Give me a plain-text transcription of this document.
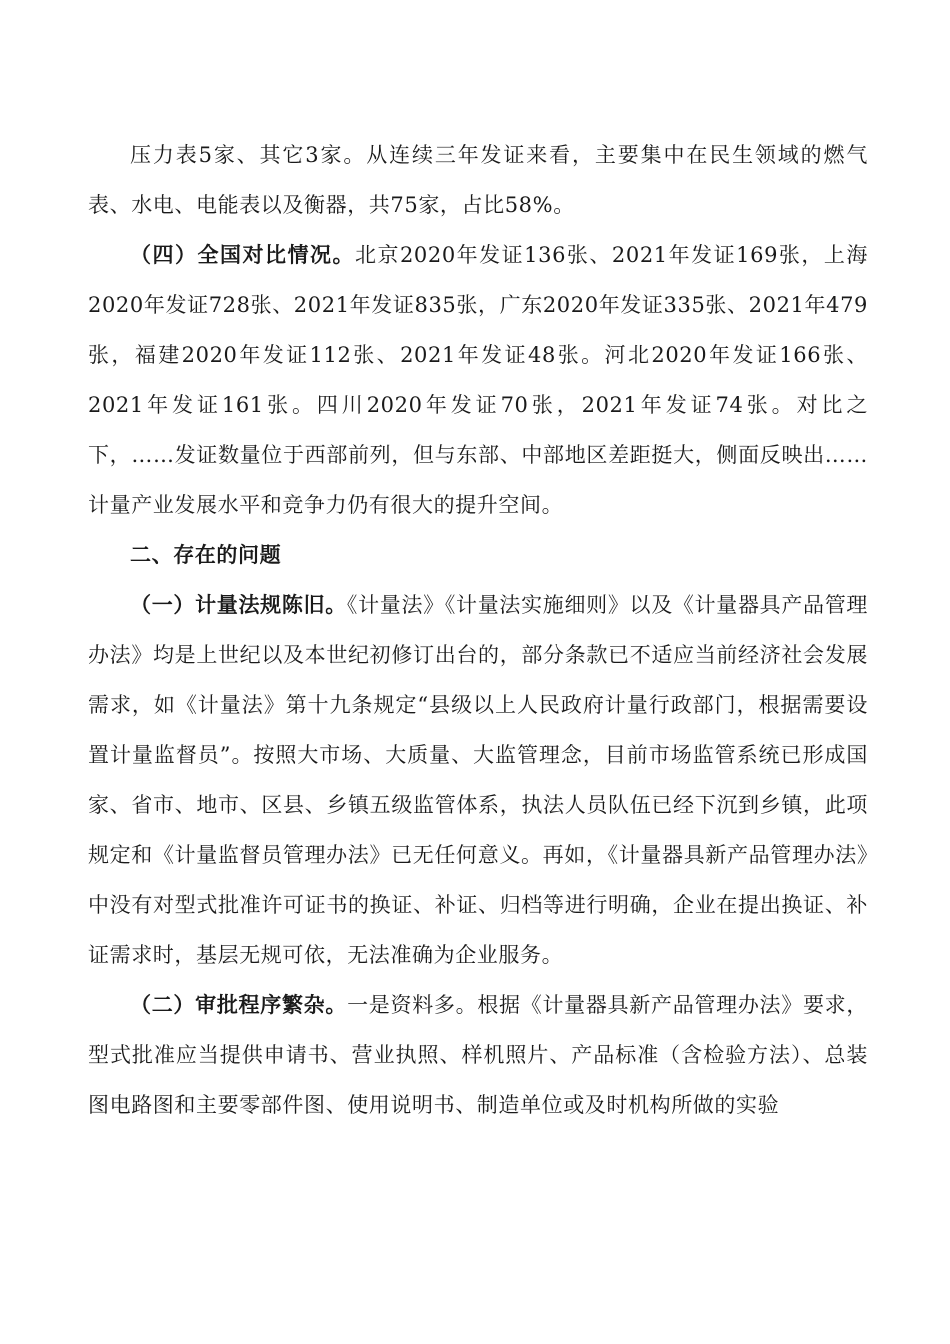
压力表5家、其它3家。从连续三年发证来看，主要集中在民生领域的燃气表、水电、电能表以及衡器，共75家，占比58%。

（四）全国对比情况。北京2020年发证136张、2021年发证169张，上海2020年发证728张、2021年发证835张，广东2020年发证335张、2021年479张，福建2020年发证112张、2021年发证48张。河北2020年发证166张、2021年发证161张。四川2020年发证70张，2021年发证74张。对比之下，……发证数量位于西部前列，但与东部、中部地区差距挺大，侧面反映出……计量产业发展水平和竞争力仍有很大的提升空间。

二、存在的问题

（一）计量法规陈旧。《计量法》《计量法实施细则》以及《计量器具产品管理办法》均是上世纪以及本世纪初修订出台的，部分条款已不适应当前经济社会发展需求，如《计量法》第十九条规定“县级以上人民政府计量行政部门，根据需要设置计量监督员”。按照大市场、大质量、大监管理念，目前市场监管系统已形成国家、省市、地市、区县、乡镇五级监管体系，执法人员队伍已经下沉到乡镇，此项规定和《计量监督员管理办法》已无任何意义。再如，《计量器具新产品管理办法》中没有对型式批准许可证书的换证、补证、归档等进行明确，企业在提出换证、补证需求时，基层无规可依，无法准确为企业服务。

（二）审批程序繁杂。一是资料多。根据《计量器具新产品管理办法》要求，型式批准应当提供申请书、营业执照、样机照片、产品标准（含检验方法）、总装图电路图和主要零部件图、使用说明书、制造单位或及时机构所做的实验
